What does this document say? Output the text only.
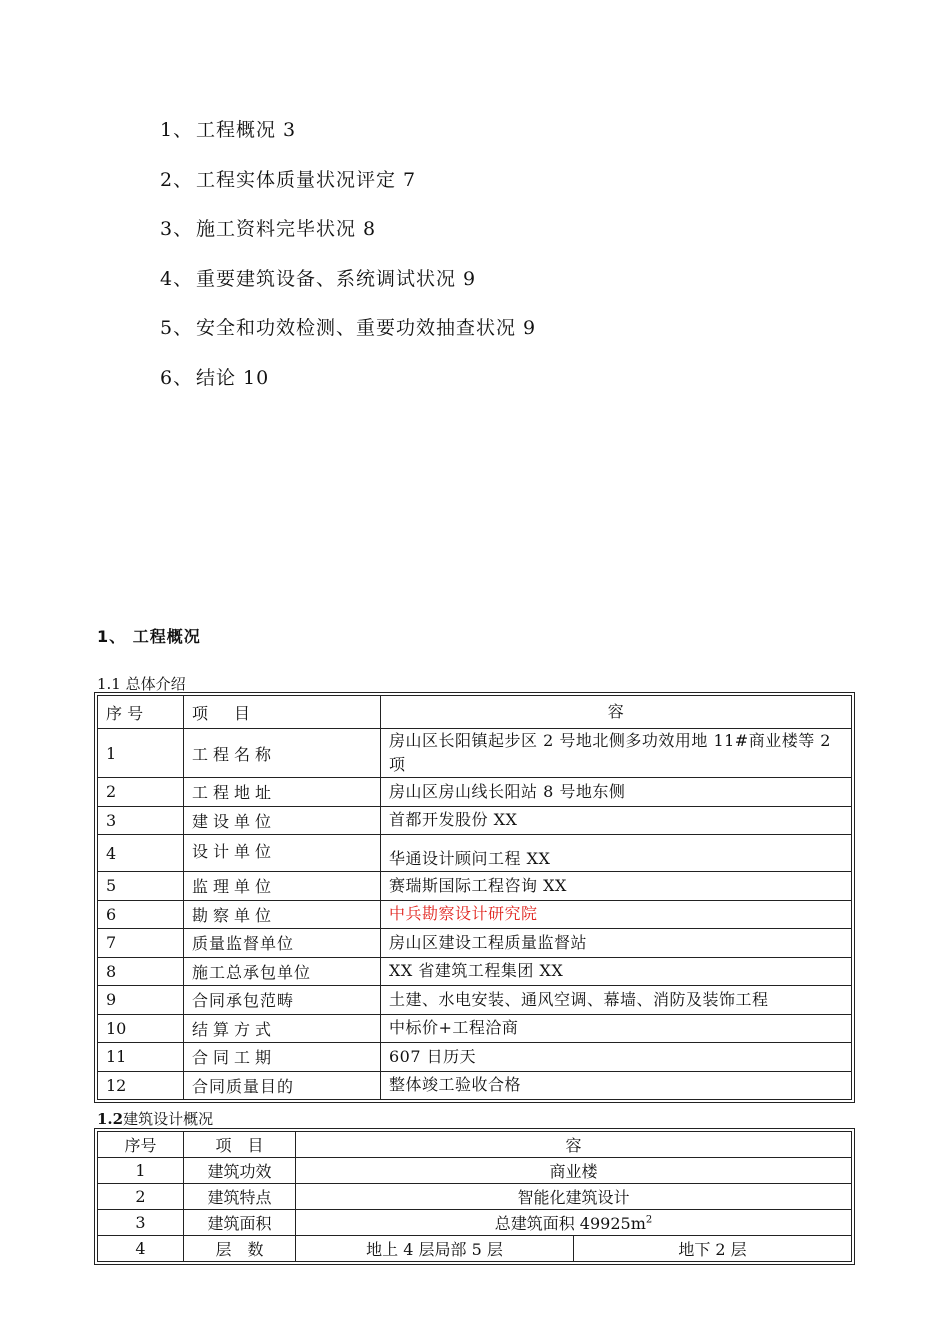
1、 工程概况 3
2、 工程实体质量状况评定 7
3、 施工资料完毕状况 8
4、 重要建筑设备、系统调试状况 9
5、 安全和功效检测、重要功效抽查状况 9
6、 结论 10
1、 工程概况
1.1 总体介绍
序 号	项　目	容
1	工程名称	房山区长阳镇起步区 2 号地北侧多功效用地 11#商业楼等 2 项
2	工程地址	房山区房山线长阳站 8 号地东侧
3	建设单位	首都开发股份 XX
4	设计单位	华通设计顾问工程 XX
5	监理单位	赛瑞斯国际工程咨询 XX
6	勘察单位	中兵勘察设计研究院
7	质量监督单位	房山区建设工程质量监督站
8	施工总承包单位	XX 省建筑工程集团 XX
9	合同承包范畴	土建、水电安装、通风空调、幕墙、消防及装饰工程
10	结算方式	中标价+工程洽商
11	合同工期	607 日历天
12	合同质量目的	整体竣工验收合格
1.2建筑设计概况
序号	项　目	容	
1	建筑功效	商业楼	
2	建筑特点	智能化建筑设计	
3	建筑面积	总建筑面积 $49925m^2$
4	层　数	地上 4 层局部 5 层	地下 2 层
